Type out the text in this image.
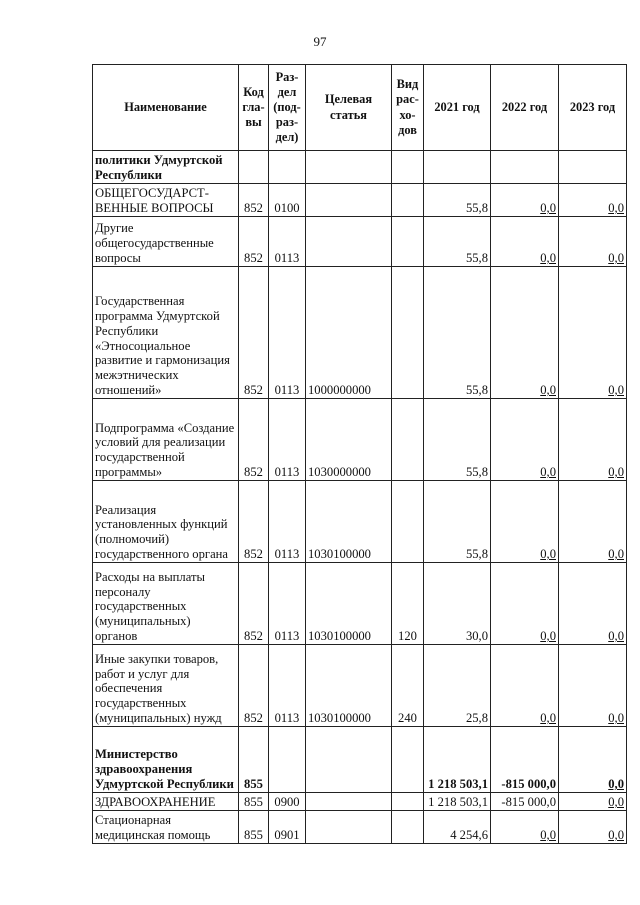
97
Наименование	Код гла-вы	Раз-дел (под-раз-дел)	Целевая статья	Вид рас-хо-дов	2021 год	2022 год	2023 год
политики Удмуртской Республики							
ОБЩЕГОСУДАРСТ-ВЕННЫЕ ВОПРОСЫ	852	0100			55,8	0,0	0,0
Другие общегосударственные вопросы	852	0113			55,8	0,0	0,0
Государственная программа Удмуртской Республики «Этносоциальное развитие и гармонизация межэтнических отношений»	852	0113	1000000000		55,8	0,0	0,0
Подпрограмма «Создание условий для реализации государственной программы»	852	0113	1030000000		55,8	0,0	0,0
Реализация установленных функций (полномочий) государственного органа	852	0113	1030100000		55,8	0,0	0,0
Расходы на выплаты персоналу государственных (муниципальных) органов	852	0113	1030100000	120	30,0	0,0	0,0
Иные закупки товаров, работ и услуг для обеспечения государственных (муниципальных) нужд	852	0113	1030100000	240	25,8	0,0	0,0
Министерство здравоохранения Удмуртской Республики	855				1 218 503,1	-815 000,0	0,0
ЗДРАВООХРАНЕНИЕ	855	0900			1 218 503,1	-815 000,0	0,0
Стационарная медицинская помощь	855	0901			4 254,6	0,0	0,0
